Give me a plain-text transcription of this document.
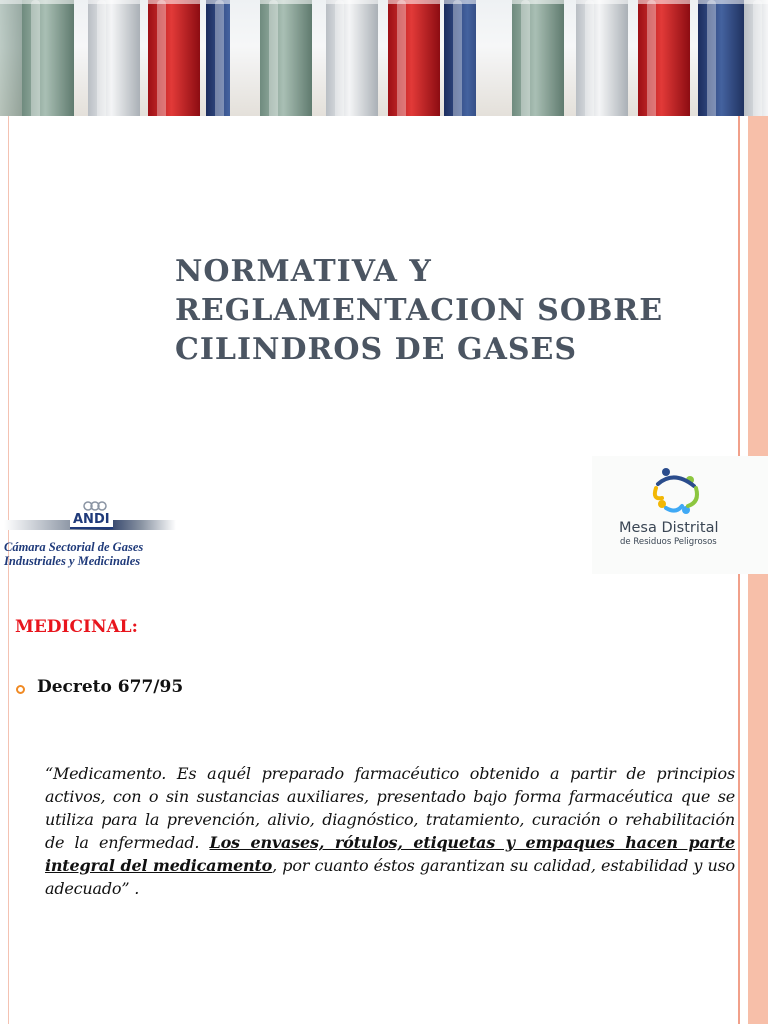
NORMATIVA Y
REGLAMENTACION SOBRE
CILINDROS DE GASES
ANDI
Cámara Sectorial de Gases
Industriales y Medicinales
Mesa Distrital
de Residuos Peligrosos
MEDICINAL:
Decreto 677/95

“Medicamento. Es aquél preparado farmacéutico obtenido a partir de principios activos, con o sin sustancias auxiliares, presentado bajo forma farmacéutica que se utiliza para la prevención, alivio, diagnóstico, tratamiento, curación o rehabilitación de la enfermedad. Los envases, rótulos, etiquetas y empaques hacen parte integral del medicamento, por cuanto éstos garantizan su calidad, estabilidad y uso adecuado” .
